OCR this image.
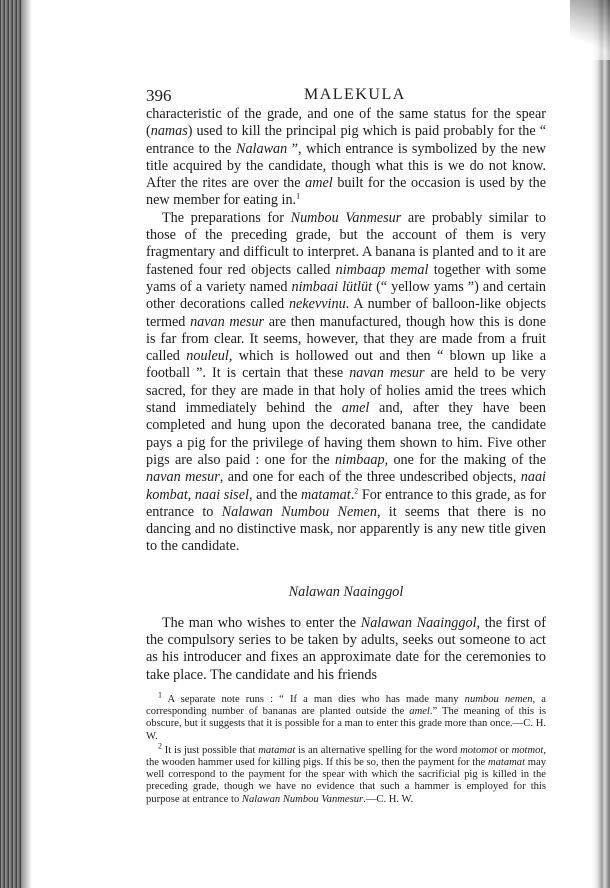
396	MALEKULA

characteristic of the grade, and one of the same status for the spear (namas) used to kill the principal pig which is paid probably for the “ entrance to the Nalawan ”, which entrance is symbolized by the new title acquired by the candidate, though what this is we do not know. After the rites are over the amel built for the occasion is used by the new member for eating in.$^1$

The preparations for Numbou Vanmesur are probably similar to those of the preceding grade, but the account of them is very fragmentary and difficult to interpret. A banana is planted and to it are fastened four red objects called nimbaap memal together with some yams of a variety named nimbaai lütlüt (“ yellow yams ”) and certain other decorations called nekevvinu. A number of balloon-like objects termed navan mesur are then manufactured, though how this is done is far from clear. It seems, however, that they are made from a fruit called nouleul, which is hollowed out and then “ blown up like a football ”. It is certain that these navan mesur are held to be very sacred, for they are made in that holy of holies amid the trees which stand immediately behind the amel and, after they have been completed and hung upon the decorated banana tree, the candidate pays a pig for the privilege of having them shown to him. Five other pigs are also paid : one for the nimbaap, one for the making of the navan mesur, and one for each of the three undescribed objects, naai kombat, naai sisel, and the matamat.$^2$ For entrance to this grade, as for entrance to Nalawan Numbou Nemen, it seems that there is no dancing and no distinctive mask, nor apparently is any new title given to the candidate.

Nalawan Naainggol

The man who wishes to enter the Nalawan Naainggol, the first of the compulsory series to be taken by adults, seeks out someone to act as his introducer and fixes an approximate date for the ceremonies to take place. The candidate and his friends

$^1$ A separate note runs : “ If a man dies who has made many numbou nemen, a corresponding number of bananas are planted outside the amel.” The meaning of this is obscure, but it suggests that it is possible for a man to enter this grade more than once.—C. H. W.

$^2$ It is just possible that matamat is an alternative spelling for the word motomot or motmot, the wooden hammer used for killing pigs. If this be so, then the payment for the matamat may well correspond to the payment for the spear with which the sacrificial pig is killed in the preceding grade, though we have no evidence that such a hammer is employed for this purpose at entrance to Nalawan Numbou Vanmesur.—C. H. W.
